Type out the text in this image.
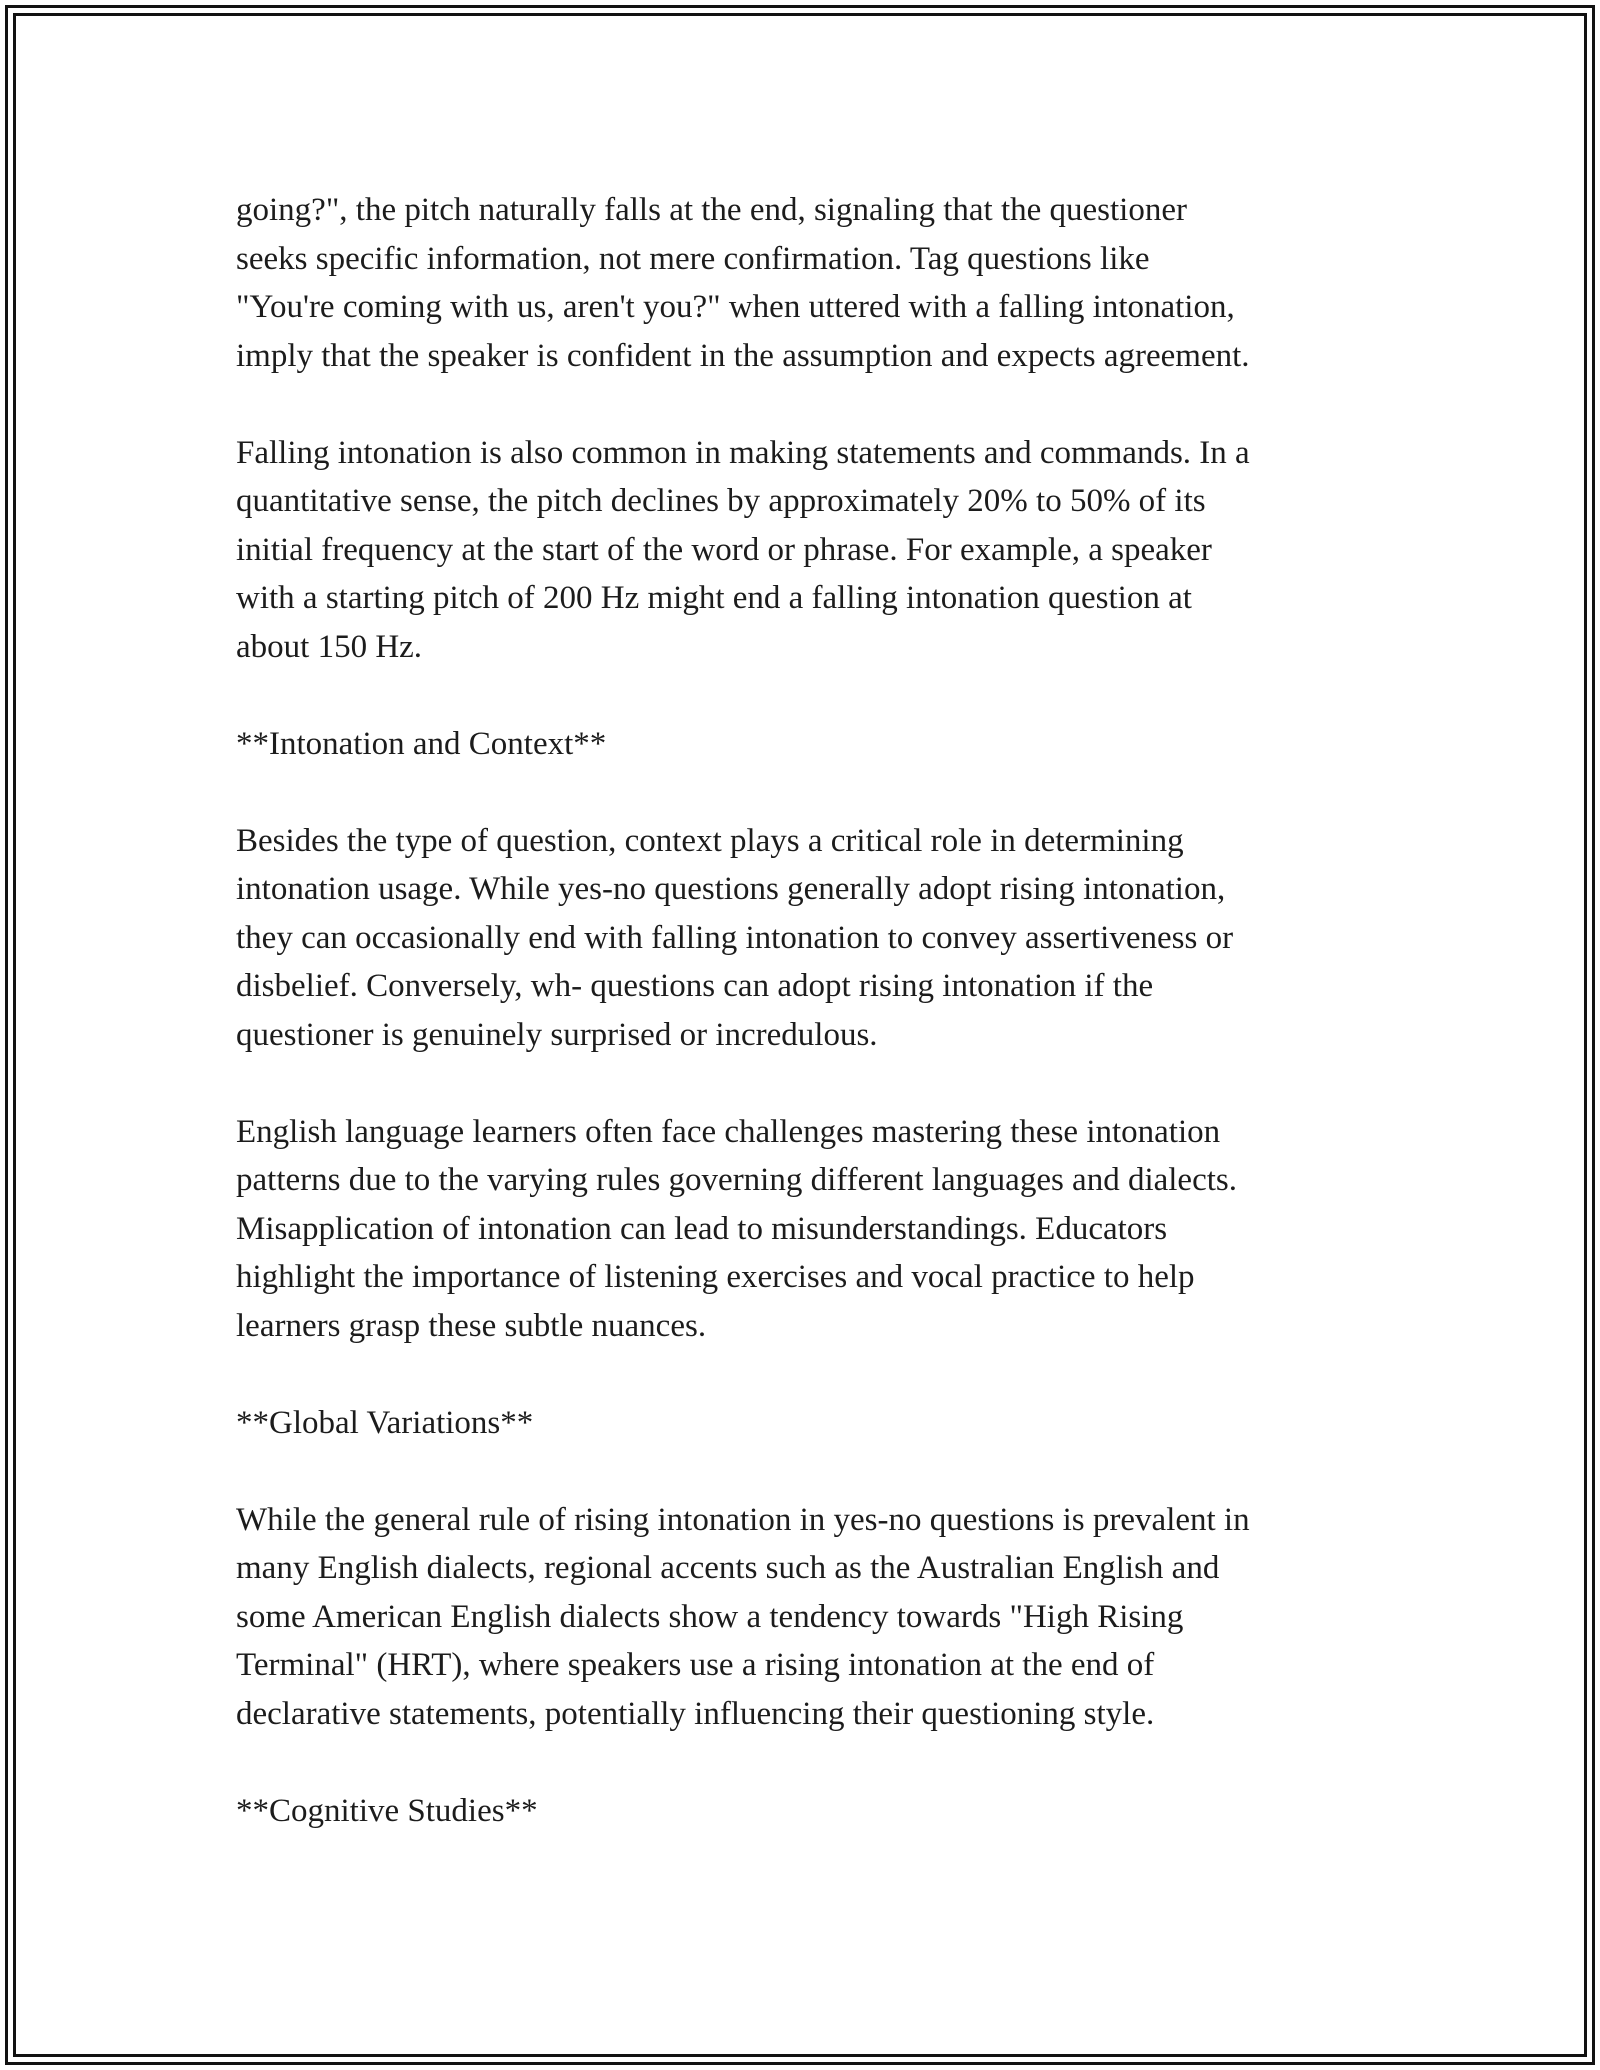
going?", the pitch naturally falls at the end, signaling that the questioner
seeks specific information, not mere confirmation. Tag questions like
"You're coming with us, aren't you?" when uttered with a falling intonation,
imply that the speaker is confident in the assumption and expects agreement.

Falling intonation is also common in making statements and commands. In a
quantitative sense, the pitch declines by approximately 20% to 50% of its
initial frequency at the start of the word or phrase. For example, a speaker
with a starting pitch of 200 Hz might end a falling intonation question at
about 150 Hz.

**Intonation and Context**

Besides the type of question, context plays a critical role in determining
intonation usage. While yes-no questions generally adopt rising intonation,
they can occasionally end with falling intonation to convey assertiveness or
disbelief. Conversely, wh- questions can adopt rising intonation if the
questioner is genuinely surprised or incredulous.

English language learners often face challenges mastering these intonation
patterns due to the varying rules governing different languages and dialects.
Misapplication of intonation can lead to misunderstandings. Educators
highlight the importance of listening exercises and vocal practice to help
learners grasp these subtle nuances.

**Global Variations**

While the general rule of rising intonation in yes-no questions is prevalent in
many English dialects, regional accents such as the Australian English and
some American English dialects show a tendency towards "High Rising
Terminal" (HRT), where speakers use a rising intonation at the end of
declarative statements, potentially influencing their questioning style.

**Cognitive Studies**
